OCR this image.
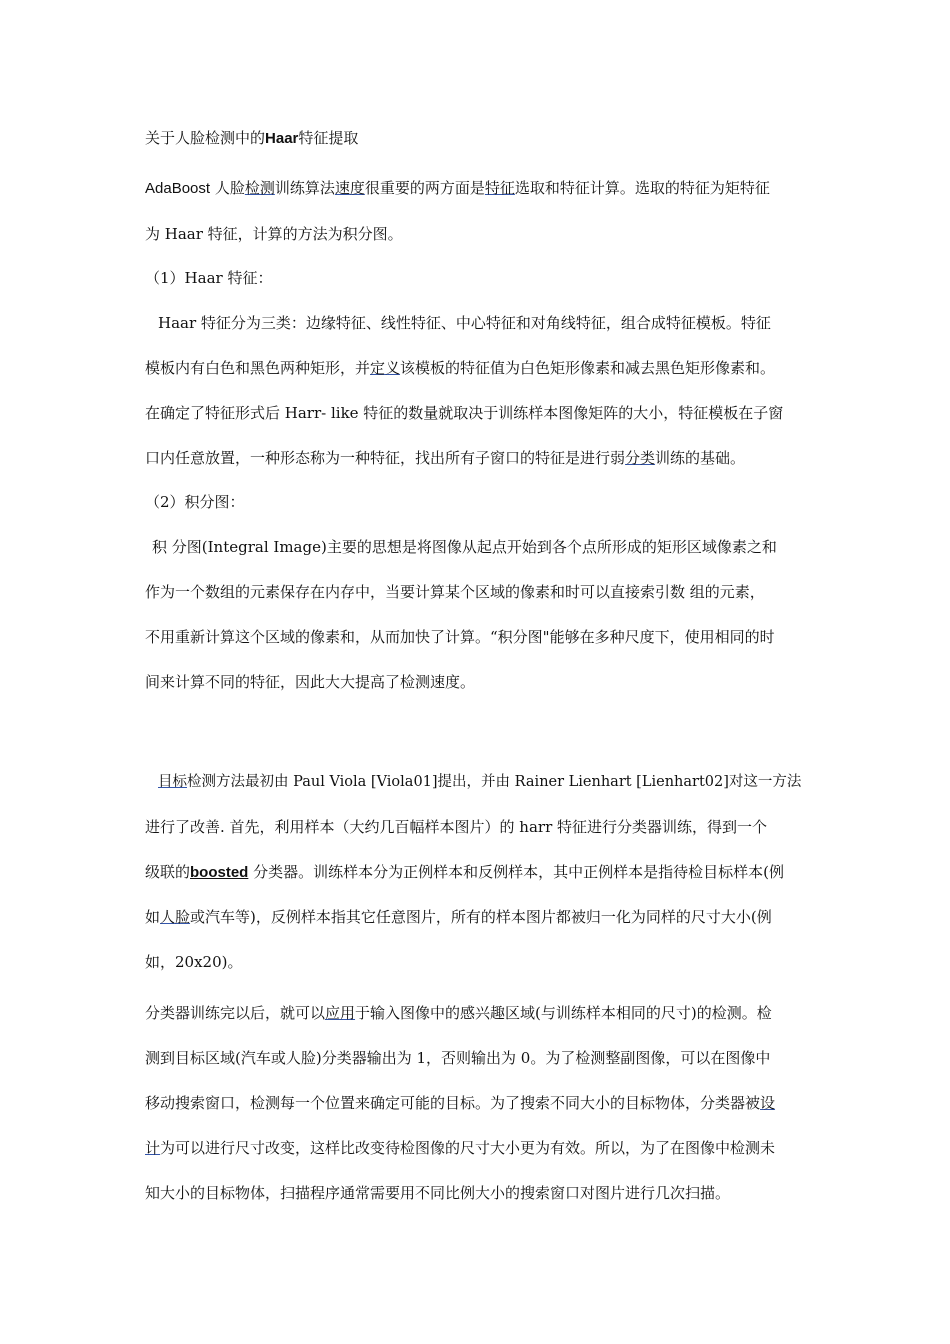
关于人脸检测中的Haar特征提取
AdaBoost 人脸检测训练算法速度很重要的两方面是特征选取和特征计算。选取的特征为矩特征
为 Haar 特征，计算的方法为积分图。
（1）Haar 特征：
Haar 特征分为三类：边缘特征、线性特征、中心特征和对角线特征，组合成特征模板。特征
模板内有白色和黑色两种矩形，并定义该模板的特征值为白色矩形像素和减去黑色矩形像素和。
在确定了特征形式后 Harr- like 特征的数量就取决于训练样本图像矩阵的大小，特征模板在子窗
口内任意放置，一种形态称为一种特征，找出所有子窗口的特征是进行弱分类训练的基础。
（2）积分图：
积 分图(Integral Image)主要的思想是将图像从起点开始到各个点所形成的矩形区域像素之和
作为一个数组的元素保存在内存中，当要计算某个区域的像素和时可以直接索引数 组的元素，
不用重新计算这个区域的像素和，从而加快了计算。“积分图"能够在多种尺度下，使用相同的时
间来计算不同的特征，因此大大提高了检测速度。
目标检测方法最初由 Paul Viola [Viola01]提出，并由 Rainer Lienhart [Lienhart02]对这一方法
进行了改善. 首先，利用样本（大约几百幅样本图片）的 harr 特征进行分类器训练，得到一个
级联的boosted 分类器。训练样本分为正例样本和反例样本，其中正例样本是指待检目标样本(例
如人脸或汽车等)，反例样本指其它任意图片，所有的样本图片都被归一化为同样的尺寸大小(例
如，20x20)。
分类器训练完以后，就可以应用于输入图像中的感兴趣区域(与训练样本相同的尺寸)的检测。检
测到目标区域(汽车或人脸)分类器输出为 1，否则输出为 0。为了检测整副图像，可以在图像中
移动搜索窗口，检测每一个位置来确定可能的目标。为了搜索不同大小的目标物体，分类器被设
计为可以进行尺寸改变，这样比改变待检图像的尺寸大小更为有效。所以，为了在图像中检测未
知大小的目标物体，扫描程序通常需要用不同比例大小的搜索窗口对图片进行几次扫描。
